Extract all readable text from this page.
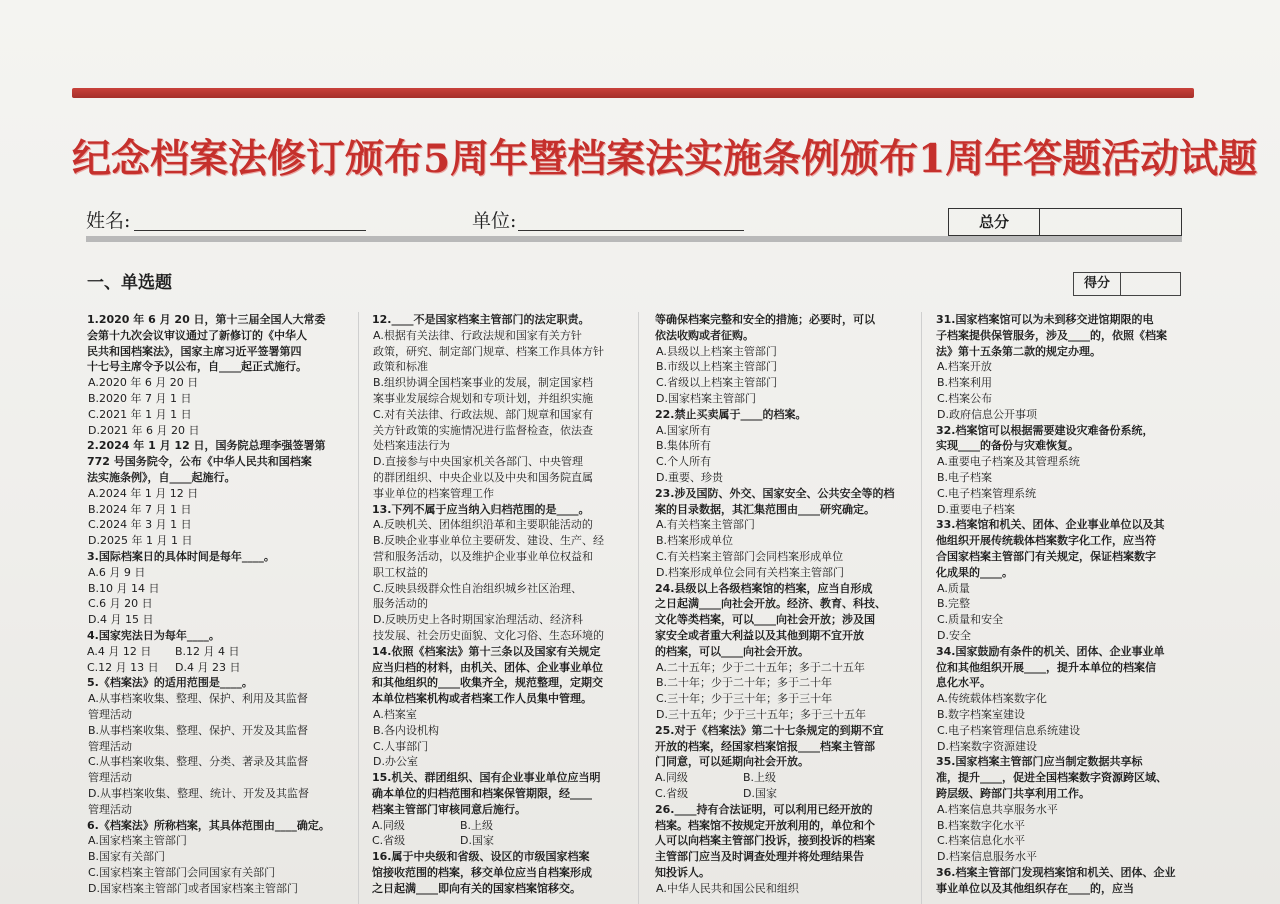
纪念档案法修订颁布5周年暨档案法实施条例颁布1周年答题活动试题
姓名:	单位:	总分
一、单选题	得分

1.2020 年 6 月 20 日，第十三届全国人大常委

会第十九次会议审议通过了新修订的《中华人

民共和国档案法》，国家主席习近平签署第四

十七号主席令予以公布，自____起正式施行。

A.2020 年 6 月 20 日

B.2020 年 7 月 1 日

C.2021 年 1 月 1 日

D.2021 年 6 月 20 日

2.2024 年 1 月 12 日，国务院总理李强签署第

772 号国务院令，公布《中华人民共和国档案

法实施条例》，自____起施行。

A.2024 年 1 月 12 日

B.2024 年 7 月 1 日

C.2024 年 3 月 1 日

D.2025 年 1 月 1 日

3.国际档案日的具体时间是每年____。

A.6 月 9 日

B.10 月 14 日

C.6 月 20 日

D.4 月 15 日

4.国家宪法日为每年____。

A.4 月 12 日	B.12 月 4 日

C.12 月 13 日	D.4 月 23 日

5.《档案法》的适用范围是____。

A.从事档案收集、整理、保护、利用及其监督

管理活动

B.从事档案收集、整理、保护、开发及其监督

管理活动

C.从事档案收集、整理、分类、著录及其监督

管理活动

D.从事档案收集、整理、统计、开发及其监督

管理活动

6.《档案法》所称档案，其具体范围由____确定。

A.国家档案主管部门

B.国家有关部门

C.国家档案主管部门会同国家有关部门

D.国家档案主管部门或者国家档案主管部门

12.____不是国家档案主管部门的法定职责。

A.根据有关法律、行政法规和国家有关方针

政策，研究、制定部门规章、档案工作具体方针

政策和标准

B.组织协调全国档案事业的发展，制定国家档

案事业发展综合规划和专项计划，并组织实施

C.对有关法律、行政法规、部门规章和国家有

关方针政策的实施情况进行监督检查，依法查

处档案违法行为

D.直接参与中央国家机关各部门、中央管理

的群团组织、中央企业以及中央和国务院直属

事业单位的档案管理工作

13.下列不属于应当纳入归档范围的是____。

A.反映机关、团体组织沿革和主要职能活动的

B.反映企业事业单位主要研发、建设、生产、经

营和服务活动，以及维护企业事业单位权益和

职工权益的

C.反映县级群众性自治组织城乡社区治理、

服务活动的

D.反映历史上各时期国家治理活动、经济科

技发展、社会历史面貌、文化习俗、生态环境的

14.依照《档案法》第十三条以及国家有关规定

应当归档的材料，由机关、团体、企业事业单位

和其他组织的____收集齐全，规范整理，定期交

本单位档案机构或者档案工作人员集中管理。

A.档案室

B.各内设机构

C.人事部门

D.办公室

15.机关、群团组织、国有企业事业单位应当明

确本单位的归档范围和档案保管期限，经____

档案主管部门审核同意后施行。

A.同级	B.上级

C.省级	D.国家

16.属于中央级和省级、设区的市级国家档案

馆接收范围的档案，移交单位应当自档案形成

之日起满____即向有关的国家档案馆移交。

等确保档案完整和安全的措施；必要时，可以

依法收购或者征购。

A.县级以上档案主管部门

B.市级以上档案主管部门

C.省级以上档案主管部门

D.国家档案主管部门

22.禁止买卖属于____的档案。

A.国家所有

B.集体所有

C.个人所有

D.重要、珍贵

23.涉及国防、外交、国家安全、公共安全等的档

案的目录数据，其汇集范围由____研究确定。

A.有关档案主管部门

B.档案形成单位

C.有关档案主管部门会同档案形成单位

D.档案形成单位会同有关档案主管部门

24.县级以上各级档案馆的档案，应当自形成

之日起满____向社会开放。经济、教育、科技、

文化等类档案，可以____向社会开放；涉及国

家安全或者重大利益以及其他到期不宜开放

的档案，可以____向社会开放。

A.二十五年；少于二十五年；多于二十五年

B.二十年；少于二十年；多于二十年

C.三十年；少于三十年；多于三十年

D.三十五年；少于三十五年；多于三十五年

25.对于《档案法》第二十七条规定的到期不宜

开放的档案，经国家档案馆报____档案主管部

门同意，可以延期向社会开放。

A.同级	B.上级

C.省级	D.国家

26.____持有合法证明，可以利用已经开放的

档案。档案馆不按规定开放利用的，单位和个

人可以向档案主管部门投诉，接到投诉的档案

主管部门应当及时调查处理并将处理结果告

知投诉人。

A.中华人民共和国公民和组织

31.国家档案馆可以为未到移交进馆期限的电

子档案提供保管服务，涉及____的，依照《档案

法》第十五条第二款的规定办理。

A.档案开放

B.档案利用

C.档案公布

D.政府信息公开事项

32.档案馆可以根据需要建设灾难备份系统，

实现____的备份与灾难恢复。

A.重要电子档案及其管理系统

B.电子档案

C.电子档案管理系统

D.重要电子档案

33.档案馆和机关、团体、企业事业单位以及其

他组织开展传统载体档案数字化工作，应当符

合国家档案主管部门有关规定，保证档案数字

化成果的____。

A.质量

B.完整

C.质量和安全

D.安全

34.国家鼓励有条件的机关、团体、企业事业单

位和其他组织开展____，提升本单位的档案信

息化水平。

A.传统载体档案数字化

B.数字档案室建设

C.电子档案管理信息系统建设

D.档案数字资源建设

35.国家档案主管部门应当制定数据共享标

准，提升____，促进全国档案数字资源跨区域、

跨层级、跨部门共享利用工作。

A.档案信息共享服务水平

B.档案数字化水平

C.档案信息化水平

D.档案信息服务水平

36.档案主管部门发现档案馆和机关、团体、企业

事业单位以及其他组织存在____的，应当
